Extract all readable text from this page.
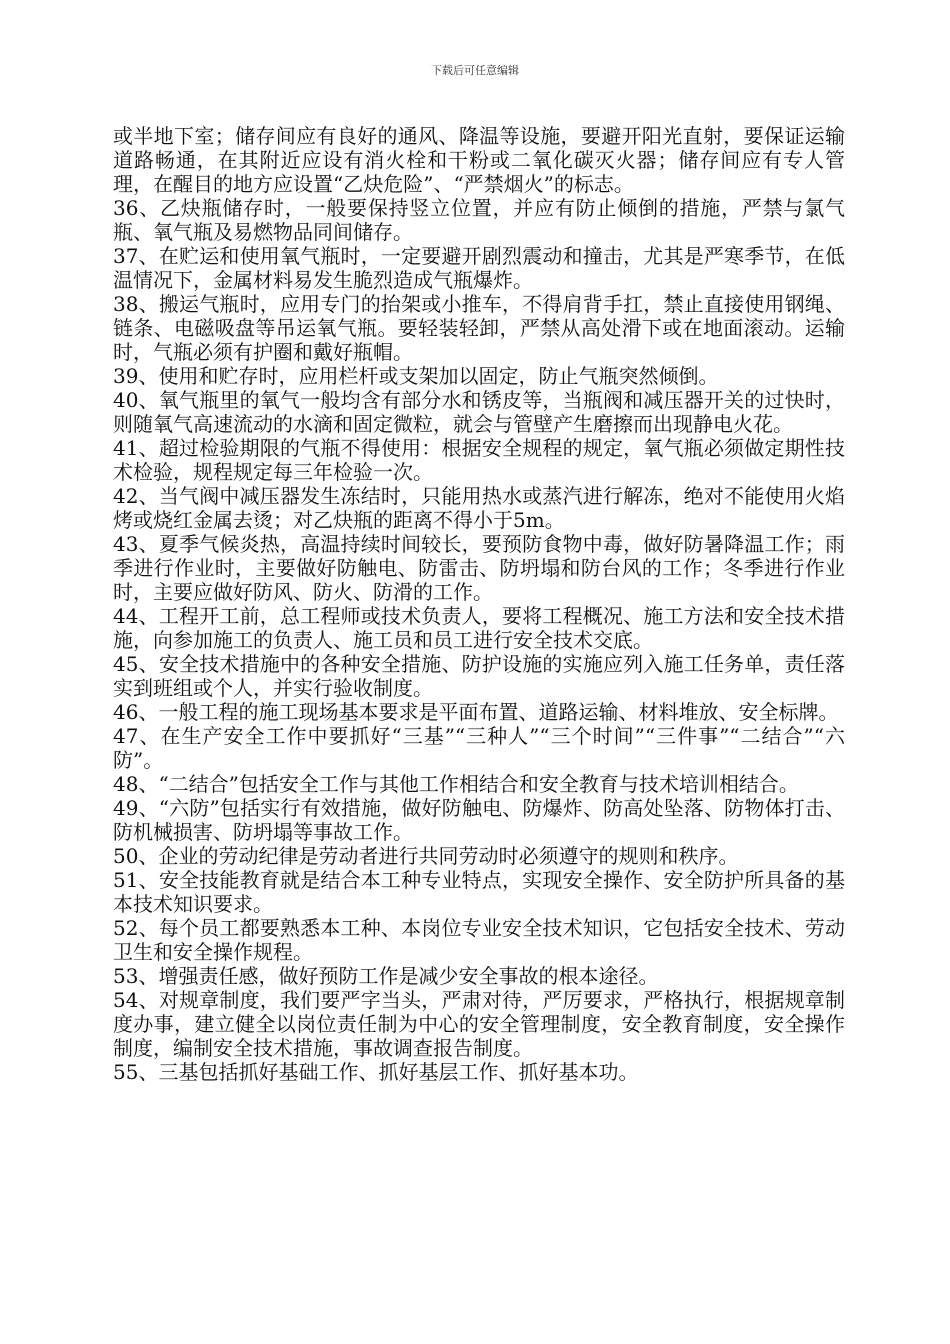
下载后可任意编辑

或半地下室；储存间应有良好的通风、降温等设施，要避开阳光直射，要保证运输道路畅通，在其附近应设有消火栓和干粉或二氧化碳灭火器；储存间应有专人管理，在醒目的地方应设置“乙炔危险”、“严禁烟火”的标志。

36、乙炔瓶储存时，一般要保持竖立位置，并应有防止倾倒的措施，严禁与氯气瓶、氧气瓶及易燃物品同间储存。

37、在贮运和使用氧气瓶时，一定要避开剧烈震动和撞击，尤其是严寒季节，在低温情况下，金属材料易发生脆烈造成气瓶爆炸。

38、搬运气瓶时，应用专门的抬架或小推车，不得肩背手扛，禁止直接使用钢绳、链条、电磁吸盘等吊运氧气瓶。要轻装轻卸，严禁从高处滑下或在地面滚动。运输时，气瓶必须有护圈和戴好瓶帽。

39、使用和贮存时，应用栏杆或支架加以固定，防止气瓶突然倾倒。

40、氧气瓶里的氧气一般均含有部分水和锈皮等，当瓶阀和减压器开关的过快时，则随氧气高速流动的水滴和固定微粒，就会与管壁产生磨擦而出现静电火花。

41、超过检验期限的气瓶不得使用：根据安全规程的规定，氧气瓶必须做定期性技术检验，规程规定每三年检验一次。

42、当气阀中减压器发生冻结时，只能用热水或蒸汽进行解冻，绝对不能使用火焰烤或烧红金属去烫；对乙炔瓶的距离不得小于5m。

43、夏季气候炎热，高温持续时间较长，要预防食物中毒，做好防暑降温工作；雨季进行作业时，主要做好防触电、防雷击、防坍塌和防台风的工作；冬季进行作业时，主要应做好防风、防火、防滑的工作。

44、工程开工前，总工程师或技术负责人，要将工程概况、施工方法和安全技术措施，向参加施工的负责人、施工员和员工进行安全技术交底。

45、安全技术措施中的各种安全措施、防护设施的实施应列入施工任务单，责任落实到班组或个人，并实行验收制度。

46、一般工程的施工现场基本要求是平面布置、道路运输、材料堆放、安全标牌。

47、在生产安全工作中要抓好“三基”“三种人”“三个时间”“三件事”“二结合”“六防”。

48、“二结合”包括安全工作与其他工作相结合和安全教育与技术培训相结合。

49、“六防”包括实行有效措施，做好防触电、防爆炸、防高处坠落、防物体打击、防机械损害、防坍塌等事故工作。

50、企业的劳动纪律是劳动者进行共同劳动时必须遵守的规则和秩序。

51、安全技能教育就是结合本工种专业特点，实现安全操作、安全防护所具备的基本技术知识要求。

52、每个员工都要熟悉本工种、本岗位专业安全技术知识，它包括安全技术、劳动卫生和安全操作规程。

53、增强责任感，做好预防工作是减少安全事故的根本途径。

54、对规章制度，我们要严字当头，严肃对待，严厉要求，严格执行，根据规章制度办事，建立健全以岗位责任制为中心的安全管理制度，安全教育制度，安全操作制度，编制安全技术措施，事故调查报告制度。

55、三基包括抓好基础工作、抓好基层工作、抓好基本功。
